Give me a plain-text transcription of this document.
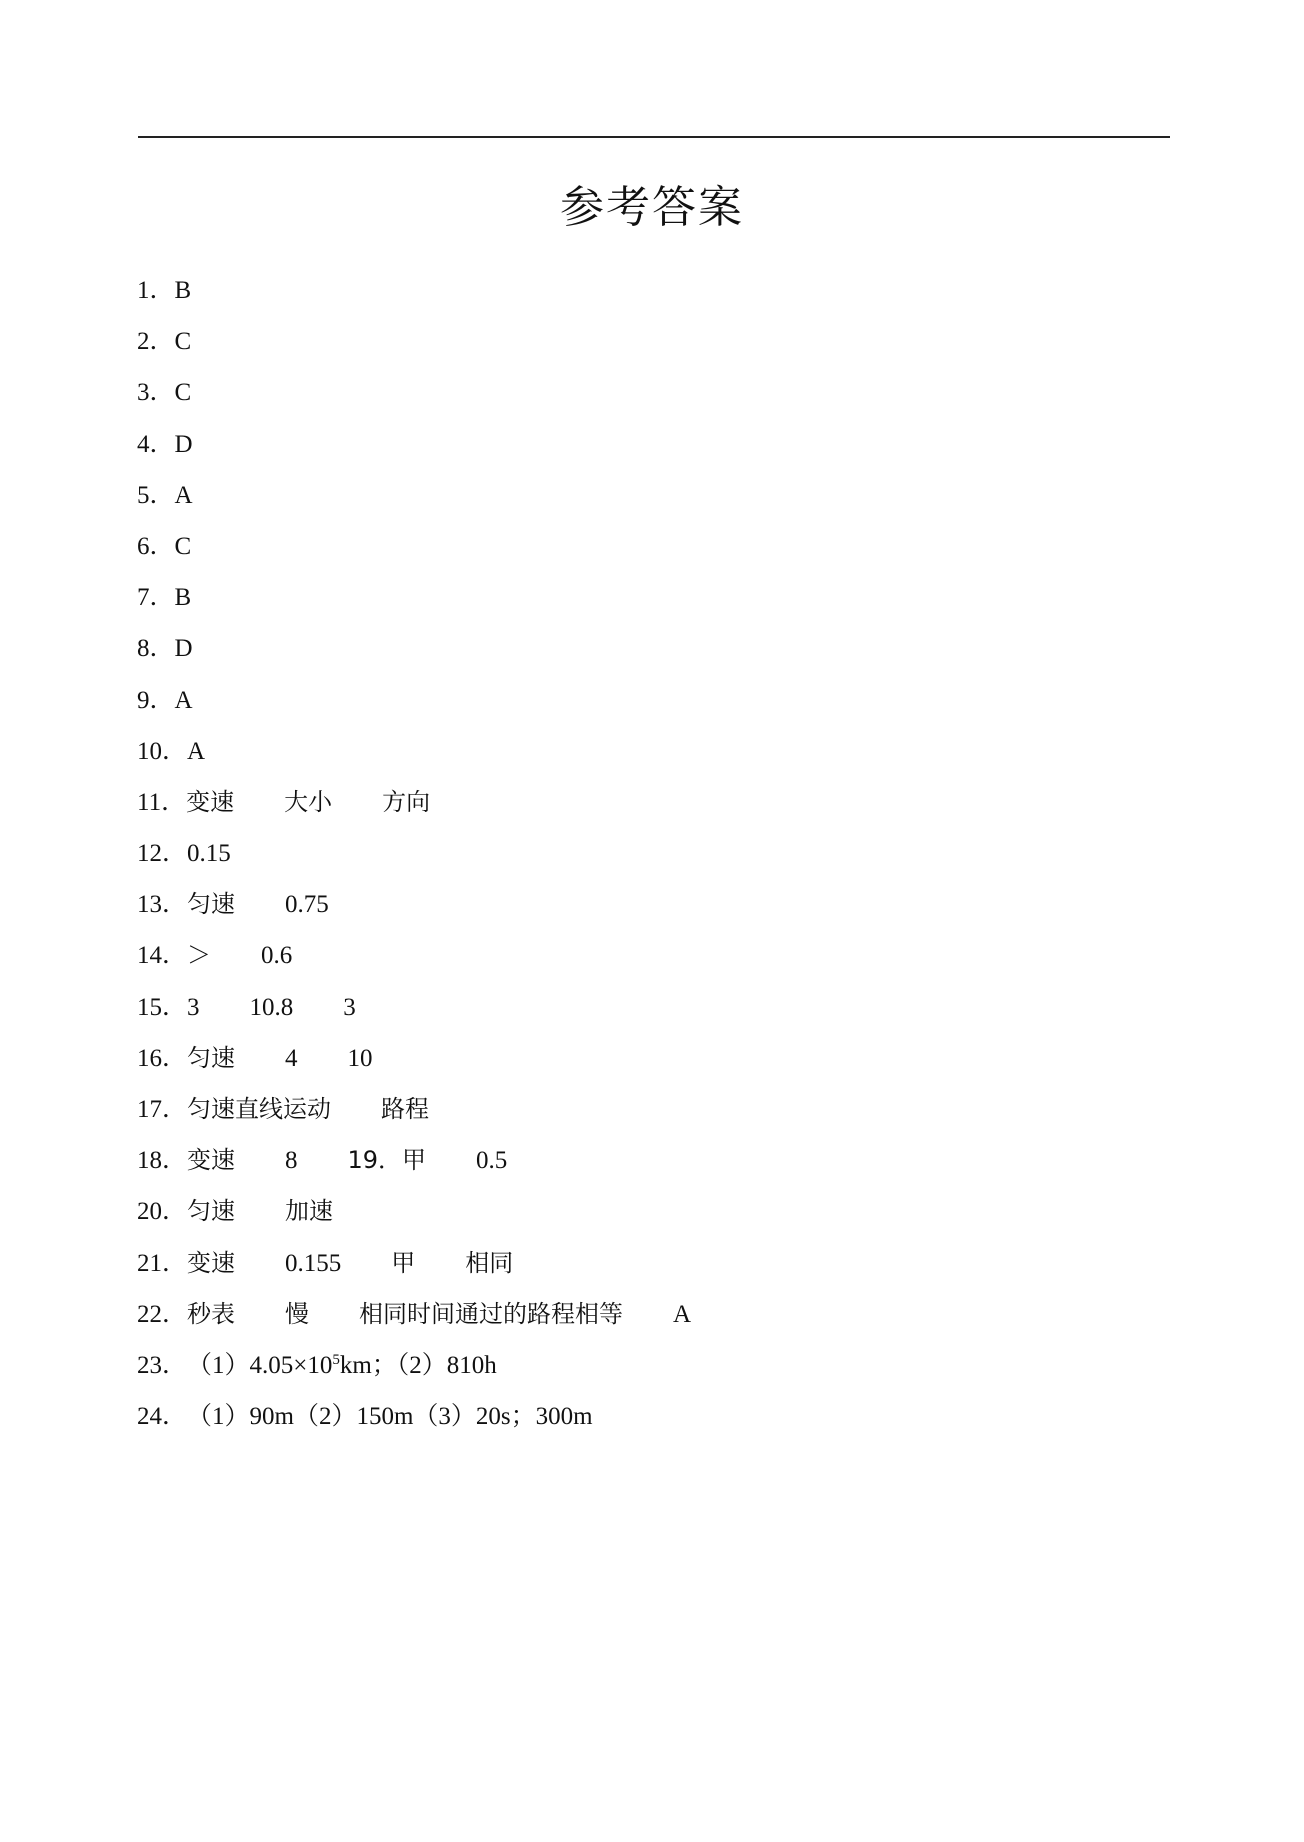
参考答案
1．B
2．C
3．C
4．D
5．A
6．C
7．B
8．D
9．A
10．A
11．变速 大小 方向
12．0.15
13．匀速 0.75
14．＞ 0.6
15．3 10.8 3
16．匀速 4 10
17．匀速直线运动 路程
18．变速 8 19．甲 0.5
20．匀速 加速
21．变速 0.155 甲 相同
22．秒表 慢 相同时间通过的路程相等 A
23．$(1)4.05\times 10^5km$；（2）810h
24．（1）90m（2）150m（3）20s；300m
